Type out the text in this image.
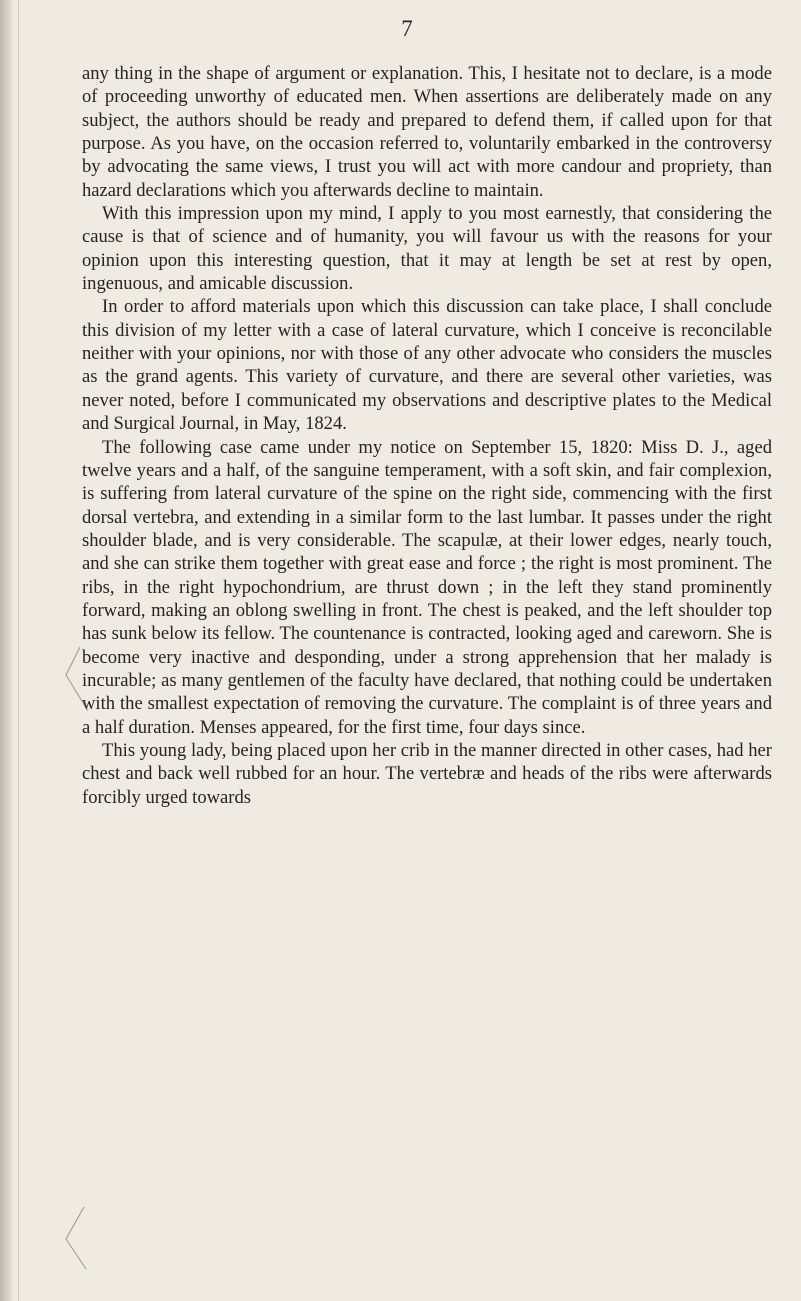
7

any thing in the shape of argument or explanation. This, I hesitate not to declare, is a mode of proceeding unworthy of educated men. When assertions are deliberately made on any subject, the authors should be ready and prepared to defend them, if called upon for that purpose. As you have, on the occasion referred to, voluntarily embarked in the controversy by advocating the same views, I trust you will act with more candour and propriety, than hazard declarations which you afterwards decline to maintain.

With this impression upon my mind, I apply to you most earnestly, that considering the cause is that of science and of humanity, you will favour us with the reasons for your opinion upon this interesting question, that it may at length be set at rest by open, ingenuous, and amicable discussion.

In order to afford materials upon which this discussion can take place, I shall conclude this division of my letter with a case of lateral curvature, which I conceive is reconcilable neither with your opinions, nor with those of any other advocate who considers the muscles as the grand agents. This variety of curvature, and there are several other varieties, was never noted, before I communicated my observations and descriptive plates to the Medical and Surgical Journal, in May, 1824.

The following case came under my notice on September 15, 1820: Miss D. J., aged twelve years and a half, of the sanguine temperament, with a soft skin, and fair complexion, is suffering from lateral curvature of the spine on the right side, commencing with the first dorsal vertebra, and extending in a similar form to the last lumbar. It passes under the right shoulder blade, and is very considerable. The scapulæ, at their lower edges, nearly touch, and she can strike them together with great ease and force ; the right is most prominent. The ribs, in the right hypochondrium, are thrust down ; in the left they stand prominently forward, making an oblong swelling in front. The chest is peaked, and the left shoulder top has sunk below its fellow. The countenance is contracted, looking aged and careworn. She is become very inactive and desponding, under a strong apprehension that her malady is incurable; as many gentlemen of the faculty have declared, that nothing could be undertaken with the smallest expectation of removing the curvature. The complaint is of three years and a half duration. Menses appeared, for the first time, four days since.

This young lady, being placed upon her crib in the manner directed in other cases, had her chest and back well rubbed for an hour. The vertebræ and heads of the ribs were afterwards forcibly urged towards
